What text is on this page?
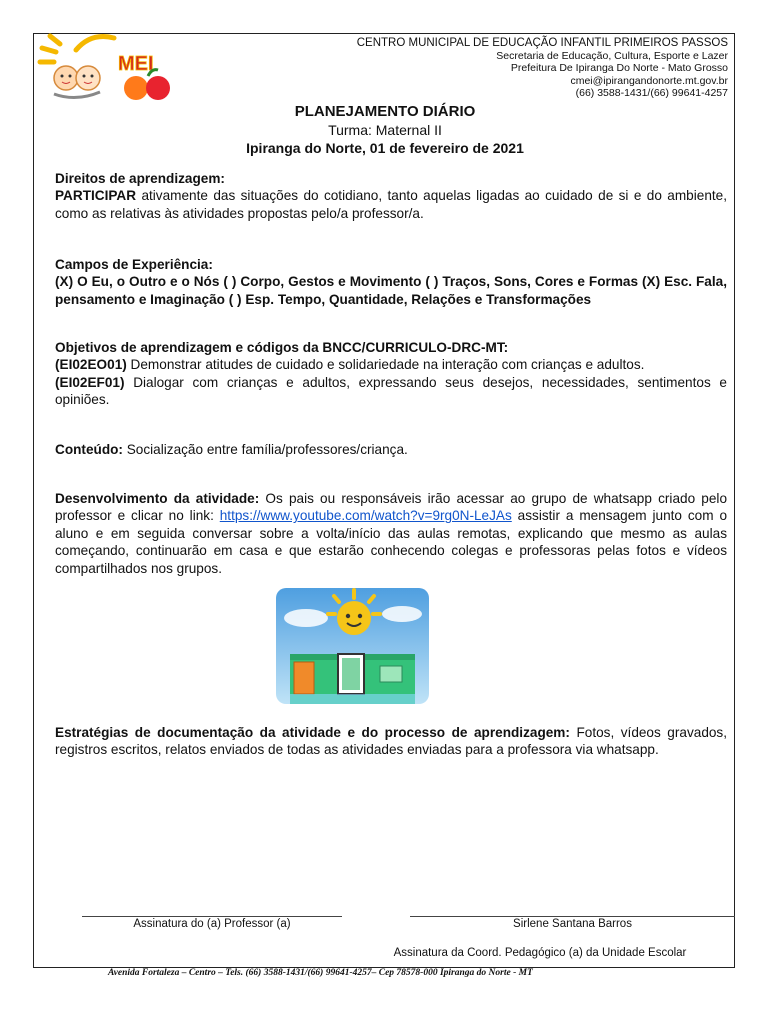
MEI
CENTRO MUNICIPAL DE EDUCAÇÃO INFANTIL PRIMEIROS PASSOS
Secretaria de Educação, Cultura, Esporte e Lazer
Prefeitura De Ipiranga Do Norte - Mato Grosso
cmei@ipirangandonorte.mt.gov.br
(66) 3588-1431/(66) 99641-4257
PLANEJAMENTO DIÁRIO
Turma: Maternal II
Ipiranga do Norte, 01 de fevereiro de 2021
Direitos de aprendizagem:
PARTICIPAR ativamente das situações do cotidiano, tanto aquelas ligadas ao cuidado de si e do ambiente, como as relativas às atividades propostas pelo/a professor/a.
Campos de Experiência:
(X) O Eu, o Outro e o Nós ( ) Corpo, Gestos e Movimento ( ) Traços, Sons, Cores e Formas (X) Esc. Fala, pensamento e Imaginação ( ) Esp. Tempo, Quantidade, Relações e Transformações
Objetivos de aprendizagem e códigos da BNCC/CURRICULO-DRC-MT:
(EI02EO01) Demonstrar atitudes de cuidado e solidariedade na interação com crianças e adultos.
(EI02EF01) Dialogar com crianças e adultos, expressando seus desejos, necessidades, sentimentos e opiniões.
Conteúdo: Socialização entre família/professores/criança.
Desenvolvimento da atividade: Os pais ou responsáveis irão acessar ao grupo de whatsapp criado pelo professor e clicar no link: https://www.youtube.com/watch?v=9rg0N-LeJAs assistir a mensagem junto com o aluno e em seguida conversar sobre a volta/início das aulas remotas, explicando que mesmo as aulas começando, continuarão em casa e que estarão conhecendo colegas e professoras pelas fotos e vídeos compartilhados nos grupos.
Estratégias de documentação da atividade e do processo de aprendizagem: Fotos, vídeos gravados, registros escritos, relatos enviados de todas as atividades enviadas para a professora via whatsapp.
Assinatura do (a) Professor (a)	Sirlene Santana Barros
Assinatura da Coord. Pedagógico (a) da Unidade Escolar
Avenida Fortaleza – Centro – Tels. (66) 3588-1431/(66) 99641-4257– Cep 78578-000 Ipiranga do Norte - MT
